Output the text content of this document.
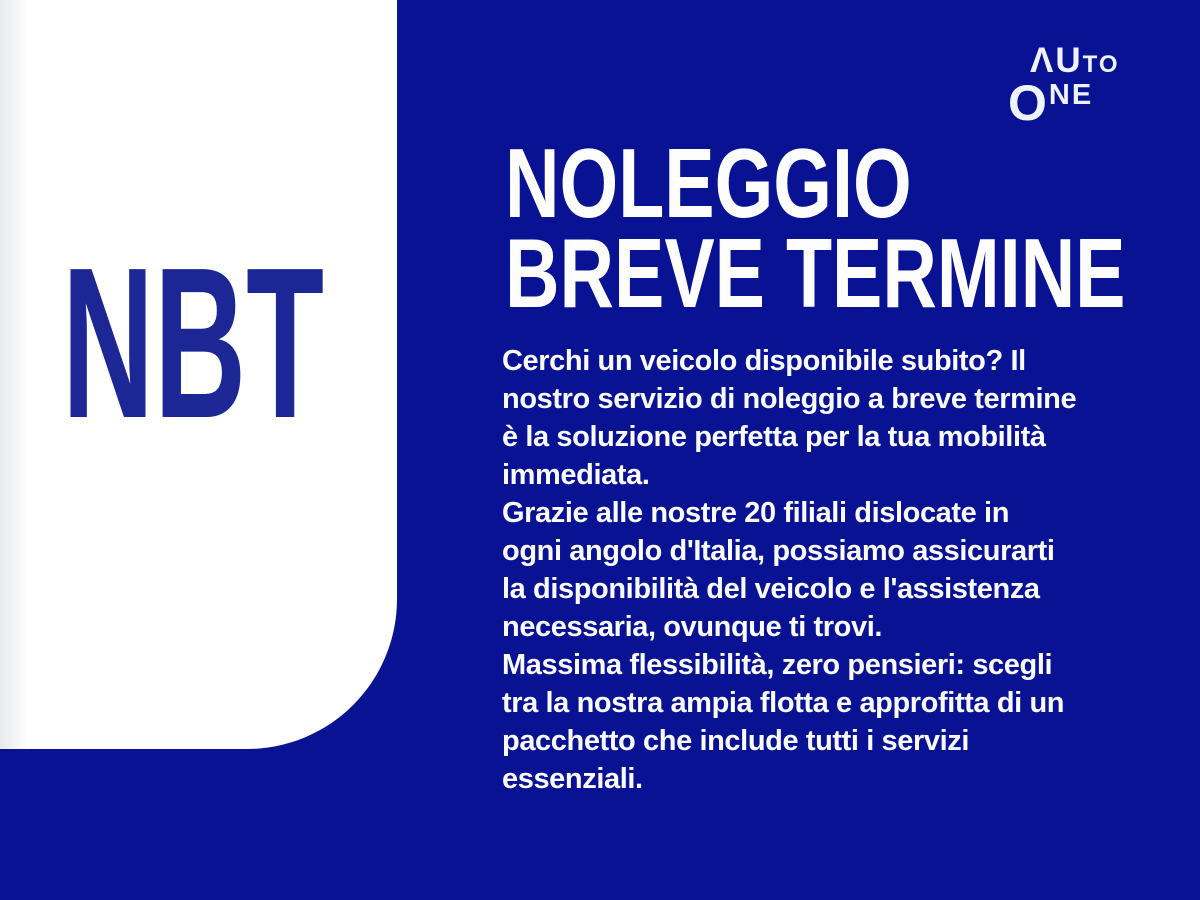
NBT
ΛU TO
O NE
NOLEGGIO
BREVE TERMINE

Cerchi un veicolo disponibile subito? Il
nostro servizio di noleggio a breve termine
è la soluzione perfetta per la tua mobilità
immediata.

Grazie alle nostre 20 filiali dislocate in
ogni angolo d'Italia, possiamo assicurarti
la disponibilità del veicolo e l'assistenza
necessaria, ovunque ti trovi.

Massima flessibilità, zero pensieri: scegli
tra la nostra ampia flotta e approfitta di un
pacchetto che include tutti i servizi
essenziali.
